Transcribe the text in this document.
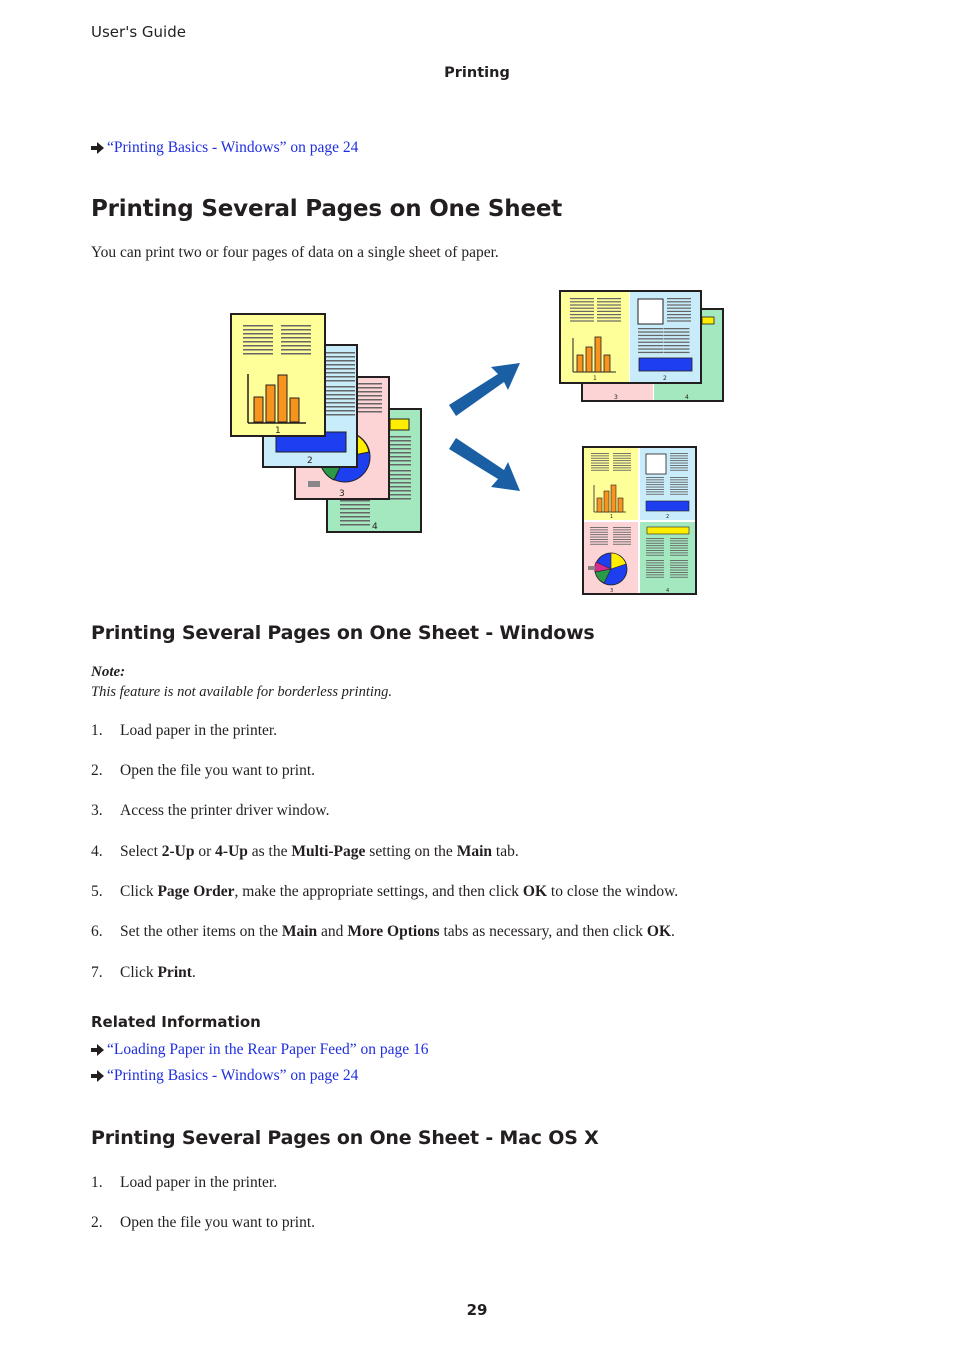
User's Guide
Printing
“Printing Basics - Windows” on page 24
Printing Several Pages on One Sheet
You can print two or four pages of data on a single sheet of paper.
4
3
2
1
3	4
1	2
1	2
3	4
Printing Several Pages on One Sheet - Windows
Note:
This feature is not available for borderless printing.
1. Load paper in the printer.
2. Open the file you want to print.
3. Access the printer driver window.
4. Select 2-Up or 4-Up as the Multi-Page setting on the Main tab.
5. Click Page Order, make the appropriate settings, and then click OK to close the window.
6. Set the other items on the Main and More Options tabs as necessary, and then click OK.
7. Click Print.
Related Information
“Loading Paper in the Rear Paper Feed” on page 16
“Printing Basics - Windows” on page 24
Printing Several Pages on One Sheet - Mac OS X
1. Load paper in the printer.
2. Open the file you want to print.
29
